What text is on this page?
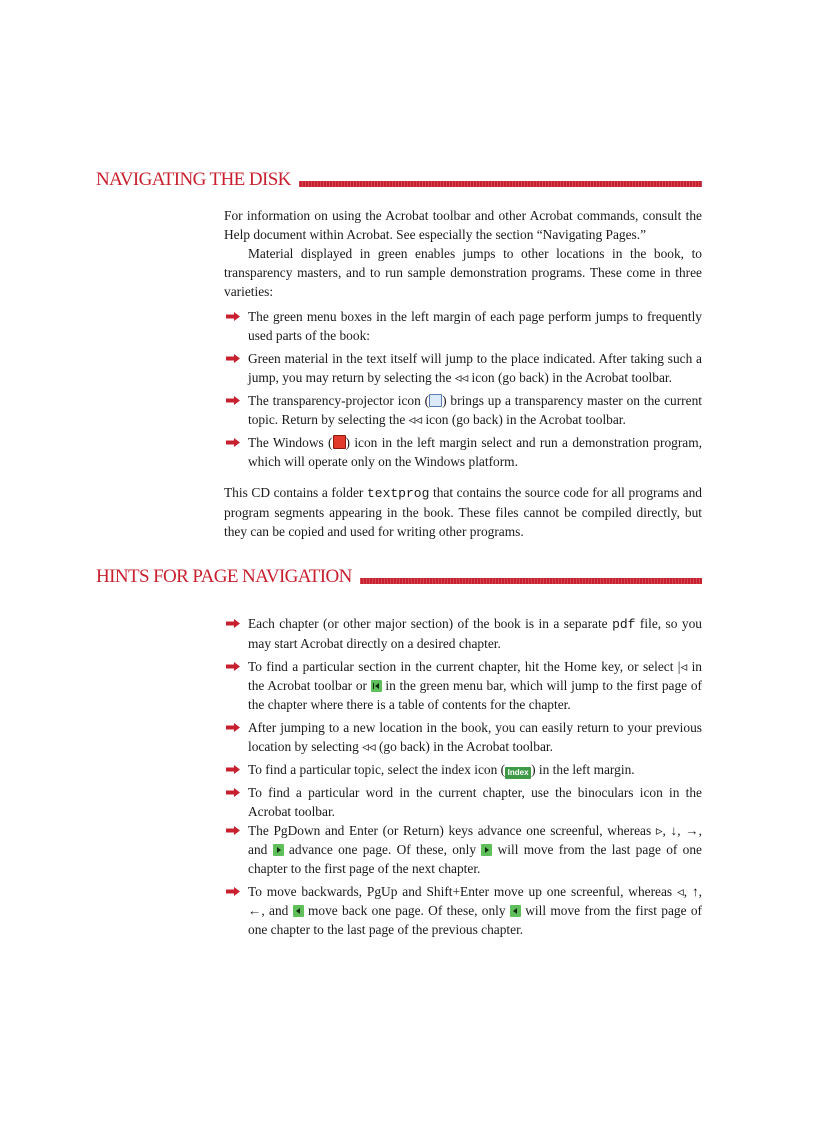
NAVIGATING THE DISK

For information on using the Acrobat toolbar and other Acrobat commands, consult the Help document within Acrobat. See especially the section “Navigating Pages.”

Material displayed in green enables jumps to other locations in the book, to transparency masters, and to run sample demonstration programs. These come in three varieties:

The green menu boxes in the left margin of each page perform jumps to frequently used parts of the book:
Green material in the text itself will jump to the place indicated. After taking such a jump, you may return by selecting the ◃◃ icon (go back) in the Acrobat toolbar.
The transparency-projector icon ( ) brings up a transparency master on the current topic. Return by selecting the ◃◃ icon (go back) in the Acrobat toolbar.
The Windows ( ) icon in the left margin select and run a demonstration program, which will operate only on the Windows platform.

This CD contains a folder textprog that contains the source code for all programs and program segments appearing in the book. These files cannot be compiled directly, but they can be copied and used for writing other programs.

HINTS FOR PAGE NAVIGATION
Each chapter (or other major section) of the book is in a separate pdf file, so you may start Acrobat directly on a desired chapter.
To find a particular section in the current chapter, hit the Home key, or select |◃ in the Acrobat toolbar or  in the green menu bar, which will jump to the first page of the chapter where there is a table of contents for the chapter.
After jumping to a new location in the book, you can easily return to your previous location by selecting ◃◃ (go back) in the Acrobat toolbar.
To find a particular topic, select the index icon ( Index ) in the left margin.
To find a particular word in the current chapter, use the binoculars icon in the Acrobat toolbar.
The PgDown and Enter (or Return) keys advance one screenful, whereas ▹, ↓, →, and  advance one page. Of these, only  will move from the last page of one chapter to the first page of the next chapter.
To move backwards, PgUp and Shift+Enter move up one screenful, whereas ◃, ↑, ←, and  move back one page. Of these, only  will move from the first page of one chapter to the last page of the previous chapter.
